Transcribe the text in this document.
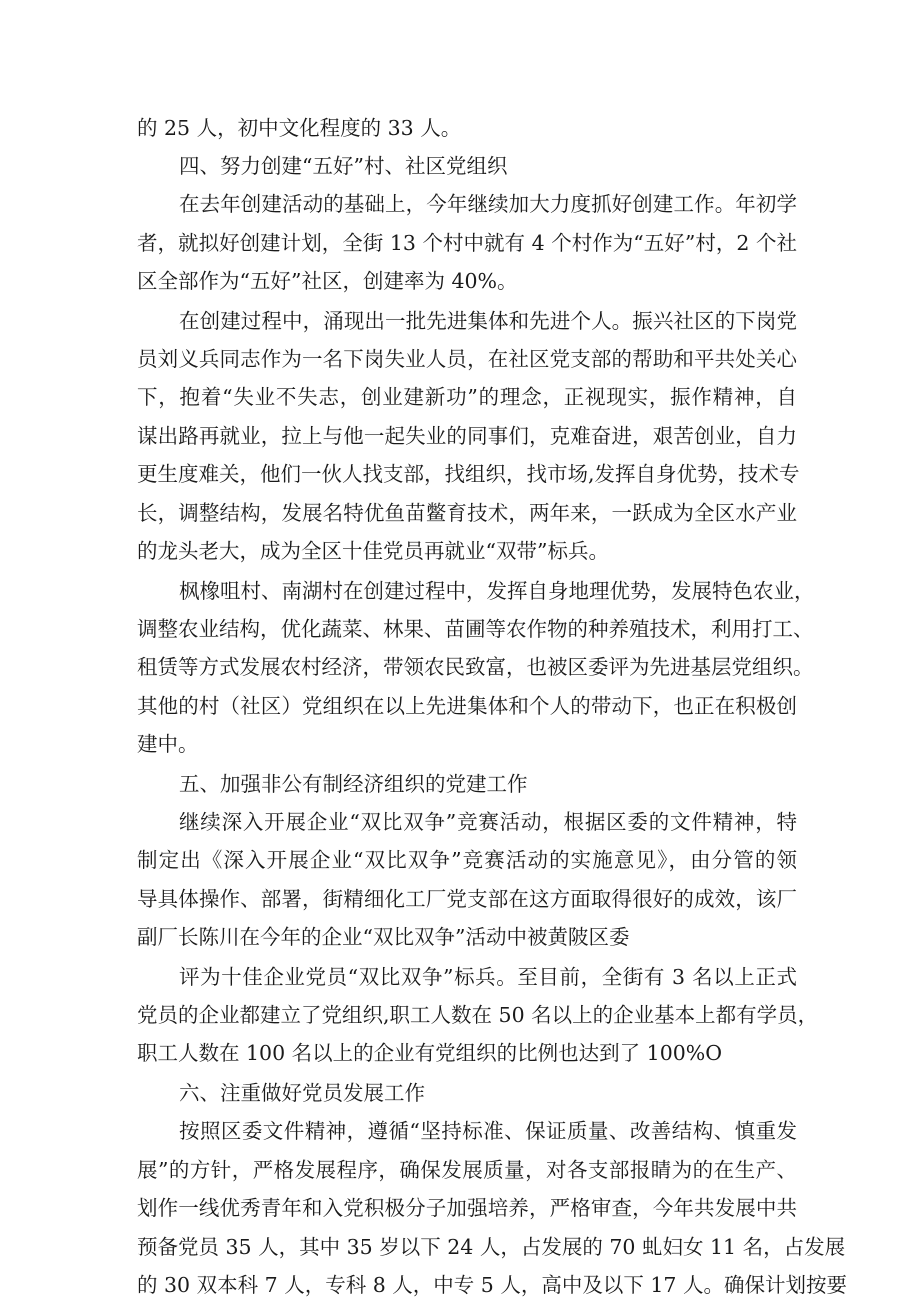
的 25 人，初中文化程度的 33 人。
四、努力创建“五好”村、社区党组织
在去年创建活动的基础上，今年继续加大力度抓好创建工作。年初学
者，就拟好创建计划，全街 13 个村中就有 4 个村作为“五好”村，2 个社
区全部作为“五好”社区，创建率为 40%。
在创建过程中，涌现出一批先进集体和先进个人。振兴社区的下岗党
员刘义兵同志作为一名下岗失业人员，在社区党支部的帮助和平共处关心
下，抱着“失业不失志，创业建新功”的理念，正视现实，振作精神，自
谋出路再就业，拉上与他一起失业的同事们，克难奋进，艰苦创业，自力
更生度难关，他们一伙人找支部，找组织，找市场,发挥自身优势，技术专
长，调整结构，发展名特优鱼苗鳖育技术，两年来，一跃成为全区水产业
的龙头老大，成为全区十佳党员再就业“双带”标兵。
枫橡咀村、南湖村在创建过程中，发挥自身地理优势，发展特色农业，
调整农业结构，优化蔬菜、林果、苗圃等农作物的种养殖技术，利用打工、
租赁等方式发展农村经济，带领农民致富，也被区委评为先进基层党组织。
其他的村（社区）党组织在以上先进集体和个人的带动下，也正在积极创
建中。
五、加强非公有制经济组织的党建工作
继续深入开展企业“双比双争”竞赛活动，根据区委的文件精神，特
制定出《深入开展企业“双比双争”竞赛活动的实施意见》，由分管的领
导具体操作、部署，街精细化工厂党支部在这方面取得很好的成效，该厂
副厂长陈川在今年的企业“双比双争”活动中被黄陂区委
评为十佳企业党员“双比双争”标兵。至目前，全街有 3 名以上正式
党员的企业都建立了党组织,职工人数在 50 名以上的企业基本上都有学员，
职工人数在 100 名以上的企业有党组织的比例也达到了 100%O
六、注重做好党员发展工作
按照区委文件精神，遵循“坚持标准、保证质量、改善结构、慎重发
展”的方针，严格发展程序，确保发展质量，对各支部报睛为的在生产、
划作一线优秀青年和入党积极分子加强培养，严格审查，今年共发展中共
预备党员 35 人，其中 35 岁以下 24 人，占发展的 70 虬妇女 11 名，占发展
的 30 双本科 7 人，专科 8 人，中专 5 人，高中及以下 17 人。确保计划按要
